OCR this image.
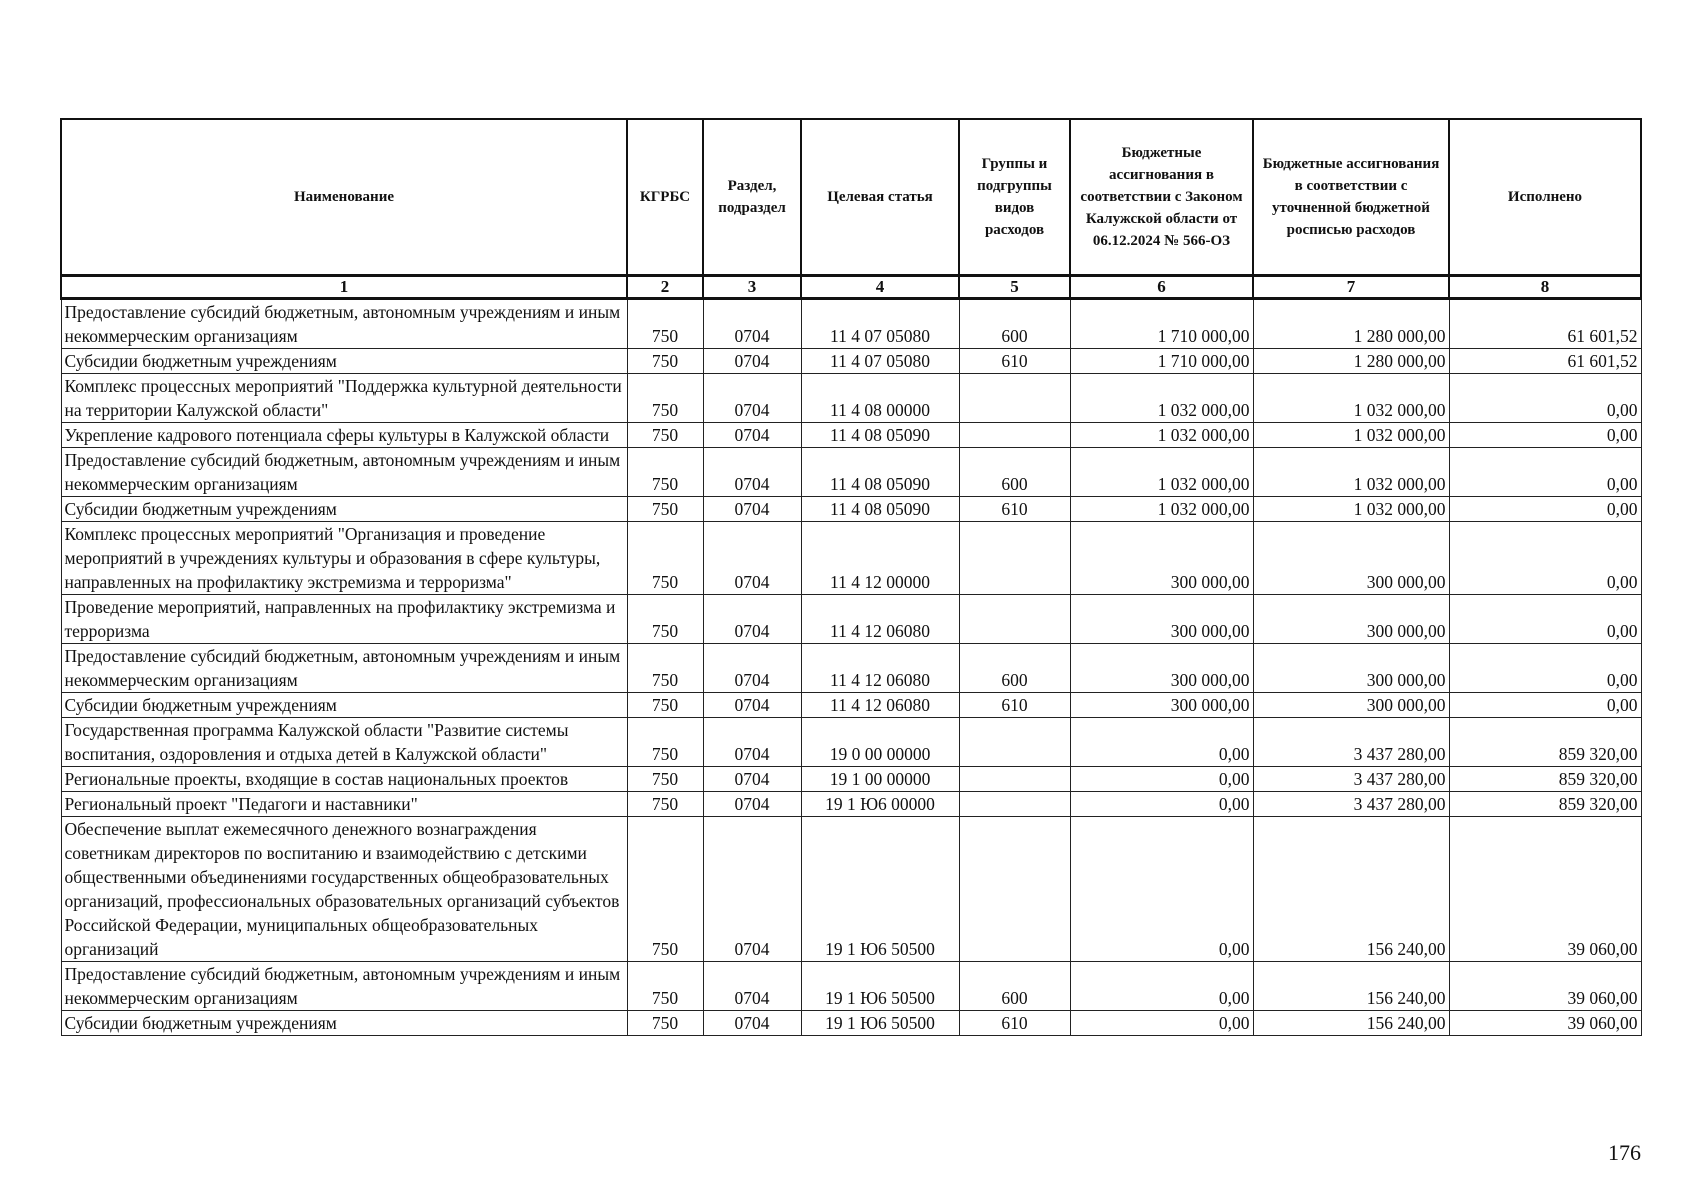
Наименование	КГРБС	Раздел, подраздел	Целевая статья	Группы и подгруппы видов расходов	Бюджетные ассигнования в соответствии с Законом Калужской области от 06.12.2024 № 566-ОЗ	Бюджетные ассигнования в соответствии с уточненной бюджетной росписью расходов	Исполнено
1	2	3	4	5	6	7	8
Предоставление субсидий бюджетным, автономным учреждениям и иным некоммерческим организациям	750	0704	11 4 07 05080	600	1 710 000,00	1 280 000,00	61 601,52
Субсидии бюджетным учреждениям	750	0704	11 4 07 05080	610	1 710 000,00	1 280 000,00	61 601,52
Комплекс процессных мероприятий "Поддержка культурной деятельности на территории Калужской области"	750	0704	11 4 08 00000		1 032 000,00	1 032 000,00	0,00
Укрепление кадрового потенциала сферы культуры в Калужской области	750	0704	11 4 08 05090		1 032 000,00	1 032 000,00	0,00
Предоставление субсидий бюджетным, автономным учреждениям и иным некоммерческим организациям	750	0704	11 4 08 05090	600	1 032 000,00	1 032 000,00	0,00
Субсидии бюджетным учреждениям	750	0704	11 4 08 05090	610	1 032 000,00	1 032 000,00	0,00
Комплекс процессных мероприятий "Организация и проведение мероприятий в учреждениях культуры и образования в сфере культуры, направленных на профилактику экстремизма и терроризма"	750	0704	11 4 12 00000		300 000,00	300 000,00	0,00
Проведение мероприятий, направленных на профилактику экстремизма и терроризма	750	0704	11 4 12 06080		300 000,00	300 000,00	0,00
Предоставление субсидий бюджетным, автономным учреждениям и иным некоммерческим организациям	750	0704	11 4 12 06080	600	300 000,00	300 000,00	0,00
Субсидии бюджетным учреждениям	750	0704	11 4 12 06080	610	300 000,00	300 000,00	0,00
Государственная программа Калужской области "Развитие системы воспитания, оздоровления и отдыха детей в Калужской области"	750	0704	19 0 00 00000		0,00	3 437 280,00	859 320,00
Региональные проекты, входящие в состав национальных проектов	750	0704	19 1 00 00000		0,00	3 437 280,00	859 320,00
Региональный проект "Педагоги и наставники"	750	0704	19 1 Ю6 00000		0,00	3 437 280,00	859 320,00
Обеспечение выплат ежемесячного денежного вознаграждения советникам директоров по воспитанию и взаимодействию с детскими общественными объединениями государственных общеобразовательных организаций, профессиональных образовательных организаций субъектов Российской Федерации, муниципальных общеобразовательных организаций	750	0704	19 1 Ю6 50500		0,00	156 240,00	39 060,00
Предоставление субсидий бюджетным, автономным учреждениям и иным некоммерческим организациям	750	0704	19 1 Ю6 50500	600	0,00	156 240,00	39 060,00
Субсидии бюджетным учреждениям	750	0704	19 1 Ю6 50500	610	0,00	156 240,00	39 060,00
176
